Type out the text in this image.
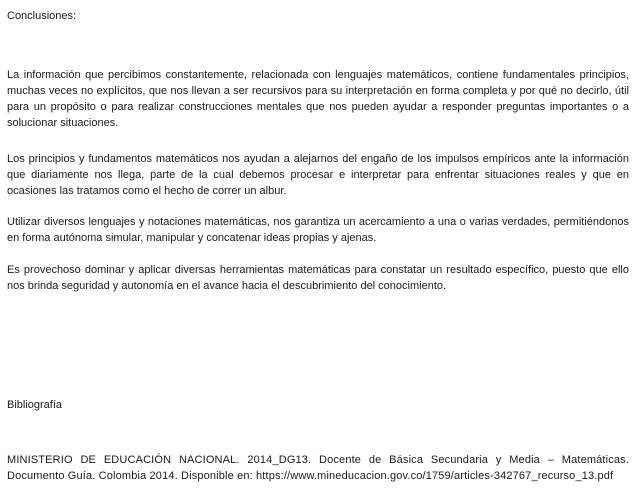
Conclusiones:

La información que percibimos constantemente, relacionada con lenguajes matemáticos, contiene fundamentales principios, muchas veces no explícitos, que nos llevan a ser recursivos para su interpretación en forma completa y por qué no decirlo, útil para un propósito o para realizar construcciones mentales que nos pueden ayudar a responder preguntas importantes o a solucionar situaciones.

Los principios y fundamentos matemáticos nos ayudan a alejarnos del engaño de los impulsos empíricos ante la información que diariamente nos llega, parte de la cual debemos procesar e interpretar para enfrentar situaciones reales y que en ocasiones las tratamos como el hecho de correr un albur.

Utilizar diversos lenguajes y notaciones matemáticas, nos garantiza un acercamiento a una o varias verdades, permitiéndonos en forma autónoma simular, manipular y concatenar ideas propias y ajenas.

Es provechoso dominar y aplicar diversas herramientas matemáticas para constatar un resultado específico, puesto que ello nos brinda seguridad y autonomía en el avance hacia el descubrimiento del conocimiento.

Bibliografía

MINISTERIO DE EDUCACIÓN NACIONAL. 2014_DG13. Docente de Básica Secundaria y Media – Matemáticas. Documento Guía. Colombia 2014. Disponible en: https://www.mineducacion.gov.co/1759/articles-342767_recurso_13.pdf
